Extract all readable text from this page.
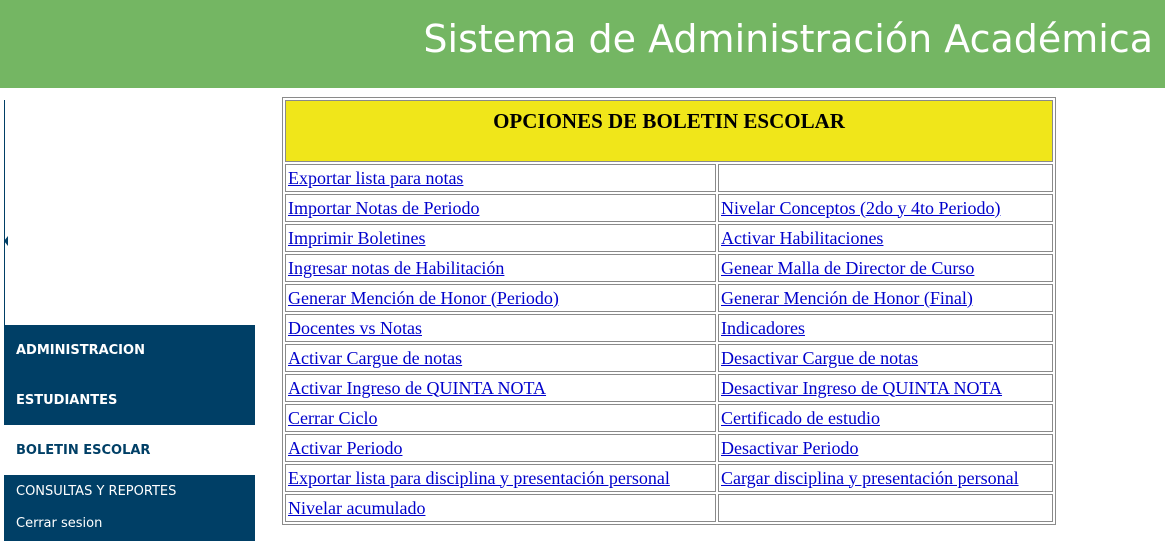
Sistema de Administración Académica
ADMINISTRACION
ESTUDIANTES
BOLETIN ESCOLAR
CONSULTAS Y REPORTES
Cerrar sesion
OPCIONES DE BOLETIN ESCOLAR	
Exportar lista para notas	
Importar Notas de Periodo	Nivelar Conceptos (2do y 4to Periodo)
Imprimir Boletines	Activar Habilitaciones
Ingresar notas de Habilitación	Genear Malla de Director de Curso
Generar Mención de Honor (Periodo)	Generar Mención de Honor (Final)
Docentes vs Notas	Indicadores
Activar Cargue de notas	Desactivar Cargue de notas
Activar Ingreso de QUINTA NOTA	Desactivar Ingreso de QUINTA NOTA
Cerrar Ciclo	Certificado de estudio
Activar Periodo	Desactivar Periodo
Exportar lista para disciplina y presentación personal	Cargar disciplina y presentación personal
Nivelar acumulado	
